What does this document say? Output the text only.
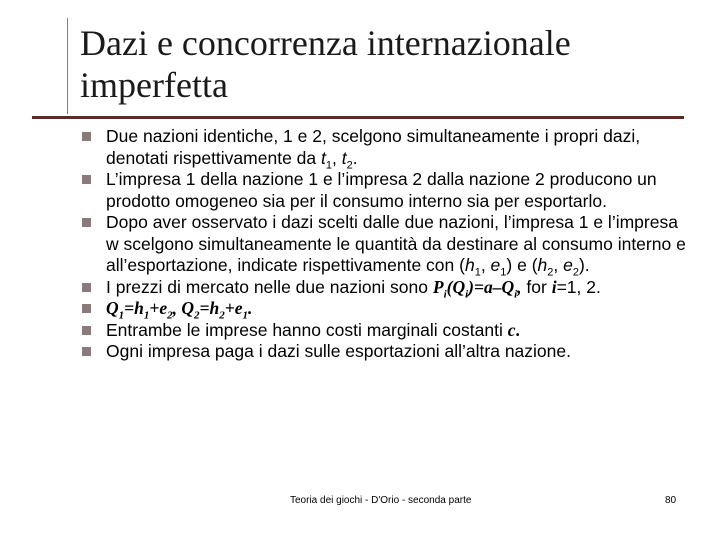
Dazi e concorrenza internazionale imperfetta
Due nazioni identiche, 1 e 2, scelgono simultaneamente i propri dazi, denotati rispettivamente da $t_1$, $t_2$.
L’impresa 1 della nazione 1 e l’impresa 2 dalla nazione 2 producono un prodotto omogeneo sia per il consumo interno sia per esportarlo.
Dopo aver osservato i dazi scelti dalle due nazioni, l’impresa 1 e l’impresa w scelgono simultaneamente le quantità da destinare al consumo interno e all’esportazione, indicate rispettivamente con ($h_1$, $e_1$) e ($h_2$, $e_2$).
I prezzi di mercato nelle due nazioni sono $P_i(Q_i)=a-Q_i$, for i=1, 2.
$Q_1=h_1+e_2$, $Q_2=h_2+e_1$.
Entrambe le imprese hanno costi marginali costanti c.
Ogni impresa paga i dazi sulle esportazioni all’altra nazione.
Teoria dei giochi - D'Orio - seconda parte	80
